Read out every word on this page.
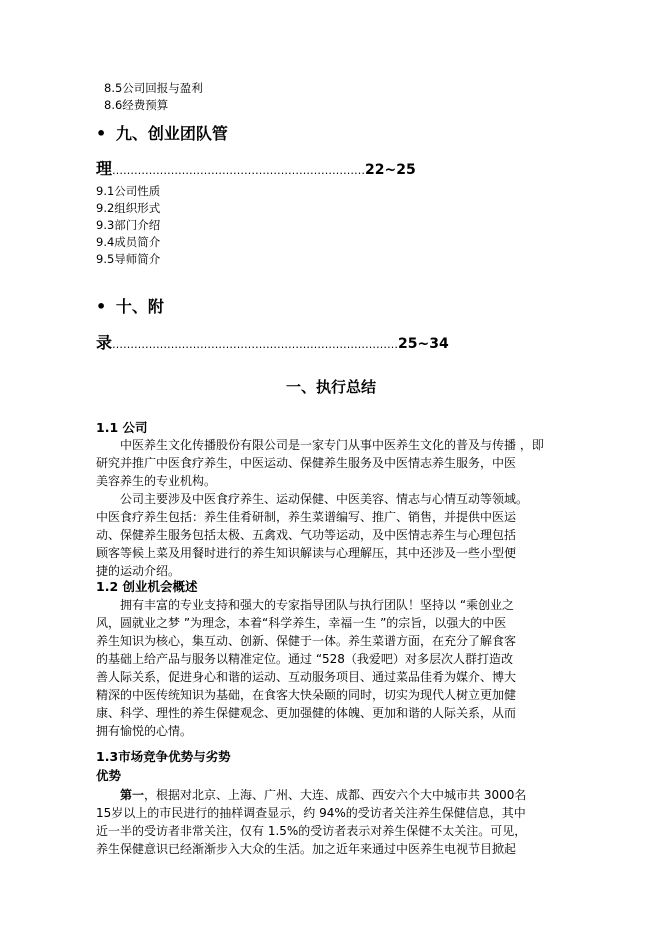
8.5公司回报与盈利
8.6经费预算
• 九、创业团队管
理……………………………………………………………22~25
9.1公司性质
9.2组织形式
9.3部门介绍
9.4成员简介
9.5导师简介
• 十、附
录……………………………………………………………………25~34
一、执行总结
1.1 公司
中医养生文化传播股份有限公司是一家专门从事中医养生文化的普及与传播 ，即
研究并推广中医食疗养生，中医运动、保健养生服务及中医情志养生服务，中医
美容养生的专业机构。
公司主要涉及中医食疗养生、运动保健、中医美容、情志与心情互动等领域。
中医食疗养生包括：养生佳肴研制，养生菜谱编写、推广、销售，并提供中医运
动、保健养生服务包括太极、五禽戏、气功等运动，及中医情志养生与心理包括
顾客等候上菜及用餐时进行的养生知识解读与心理解压，其中还涉及一些小型便
捷的运动介绍。
1.2 创业机会概述
拥有丰富的专业支持和强大的专家指导团队与执行团队！坚持以 “乘创业之
风，圆就业之梦 ”为理念，本着“科学养生，幸福一生 ”的宗旨，以强大的中医
养生知识为核心，集互动、创新、保健于一体。养生菜谱方面，在充分了解食客
的基础上给产品与服务以精准定位。通过 “528（我爱吧）对多层次人群打造改
善人际关系，促进身心和谐的运动、互动服务项目、通过菜品佳肴为媒介、博大
精深的中医传统知识为基础，在食客大快朵颐的同时，切实为现代人树立更加健
康、科学、理性的养生保健观念、更加强健的体魄、更加和谐的人际关系，从而
拥有愉悦的心情。
1.3市场竞争优势与劣势
优势
第一，根据对北京、上海、广州、大连、成都、西安六个大中城市共 3000名
15岁以上的市民进行的抽样调查显示，约 94%的受访者关注养生保健信息，其中
近一半的受访者非常关注，仅有 1.5%的受访者表示对养生保健不太关注。可见，
养生保健意识已经渐渐步入大众的生活。加之近年来通过中医养生电视节目掀起
